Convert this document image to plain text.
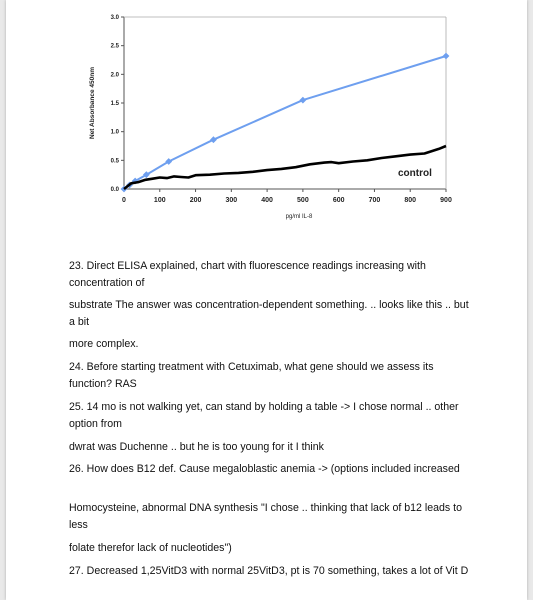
0.0
0.5
1.0
1.5
2.0
2.5
3.0
0	100	200	300	400	500	600	700	800	900
pg/ml IL-8
Net Absorbance 450nm
control

23. Direct ELISA explained, chart with fluorescence readings increasing with concentration of

substrate The answer was concentration-dependent something. .. looks like this .. but a bit

more complex.

24. Before starting treatment with Cetuximab, what gene should we assess its function? RAS

25. 14 mo is not walking yet, can stand by holding a table -> I chose normal .. other option from

dwrat was Duchenne .. but he is too young for it I think

26. How does B12 def. Cause megaloblastic anemia -> (options included increased

Homocysteine, abnormal DNA synthesis "I chose .. thinking that lack of b12 leads to less

folate therefor lack of nucleotides")

27. Decreased 1,25VitD3 with normal 25VitD3, pt is 70 something, takes a lot of Vit D
